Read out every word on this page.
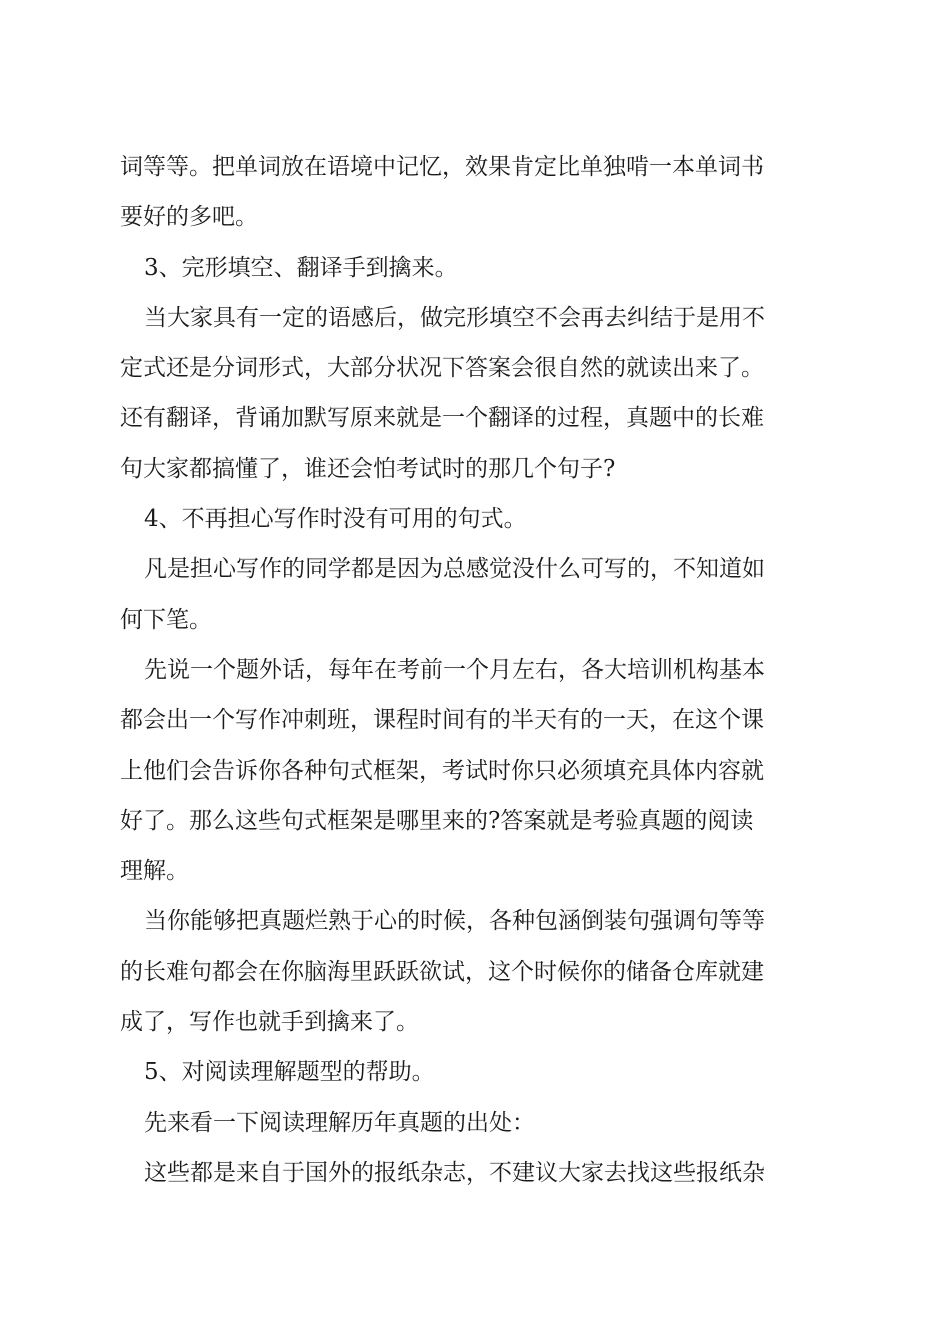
词等等。把单词放在语境中记忆，效果肯定比单独啃一本单词书
要好的多吧。
3、完形填空、翻译手到擒来。
当大家具有一定的语感后，做完形填空不会再去纠结于是用不
定式还是分词形式，大部分状况下答案会很自然的就读出来了。
还有翻译，背诵加默写原来就是一个翻译的过程，真题中的长难
句大家都搞懂了，谁还会怕考试时的那几个句子?
4、不再担心写作时没有可用的句式。
凡是担心写作的同学都是因为总感觉没什么可写的，不知道如
何下笔。
先说一个题外话，每年在考前一个月左右，各大培训机构基本
都会出一个写作冲刺班，课程时间有的半天有的一天，在这个课
上他们会告诉你各种句式框架，考试时你只必须填充具体内容就
好了。那么这些句式框架是哪里来的?答案就是考验真题的阅读
理解。
当你能够把真题烂熟于心的时候，各种包涵倒装句强调句等等
的长难句都会在你脑海里跃跃欲试，这个时候你的储备仓库就建
成了，写作也就手到擒来了。
5、对阅读理解题型的帮助。
先来看一下阅读理解历年真题的出处：
这些都是来自于国外的报纸杂志，不建议大家去找这些报纸杂
